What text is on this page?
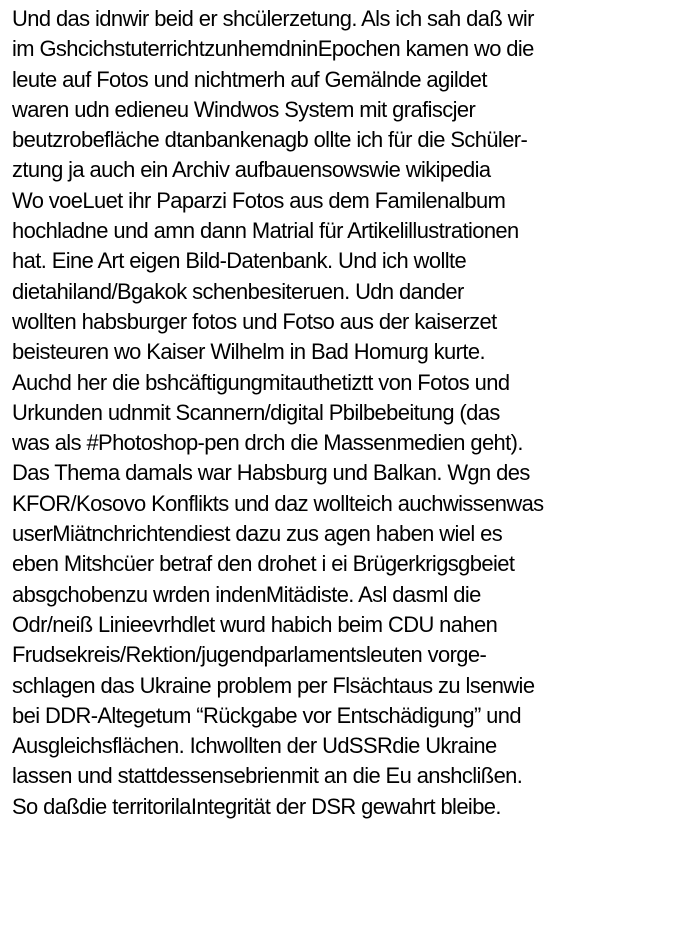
Und das idnwir beid er shcülerzetung. Als ich sah daß wir
im GshcichstuterrichtzunhemdninEpochen kamen wo die
leute auf Fotos und nichtmerh auf Gemälnde agildet
waren udn edieneu Windwos System mit grafiscjer
beutzrobefläche dtanbankenagb ollte ich für die Schüler-
ztung ja auch ein Archiv aufbauensowswie wikipedia
Wo voeLuet ihr Paparzi Fotos aus dem Familenalbum
hochladne und amn dann Matrial für Artikelillustrationen
hat. Eine Art eigen Bild-Datenbank. Und ich wollte
dietahiland/Bgakok schenbesiteruen. Udn dander
wollten habsburger fotos und Fotso aus der kaiserzet
beisteuren wo Kaiser Wilhelm in Bad Homurg kurte.
Auchd her die bshcäftigungmitauthetiztt von Fotos und
Urkunden udnmit Scannern/digital Pbilbebeitung (das
was als #Photoshop-pen drch die Massenmedien geht).
Das Thema damals war Habsburg und Balkan. Wgn des
KFOR/Kosovo Konflikts und daz wollteich auchwissenwas
userMiätnchrichtendiest dazu zus agen haben wiel es
eben Mitshcüer betraf den drohet i ei Brügerkrigsgbeiet
absgchobenzu wrden indenMitädiste. Asl dasml die
Odr/neiß Linieevrhdlet wurd habich beim CDU nahen
Frudsekreis/Rektion/jugendparlamentsleuten vorge-
schlagen das Ukraine problem per Flsächtaus zu lsenwie
bei DDR-Altegetum “Rückgabe vor Entschädigung” und
Ausgleichsflächen. Ichwollten der UdSSRdie Ukraine
lassen und stattdessensebrienmit an die Eu anshclißen.
So daßdie territorilaIntegrität der DSR gewahrt bleibe.
